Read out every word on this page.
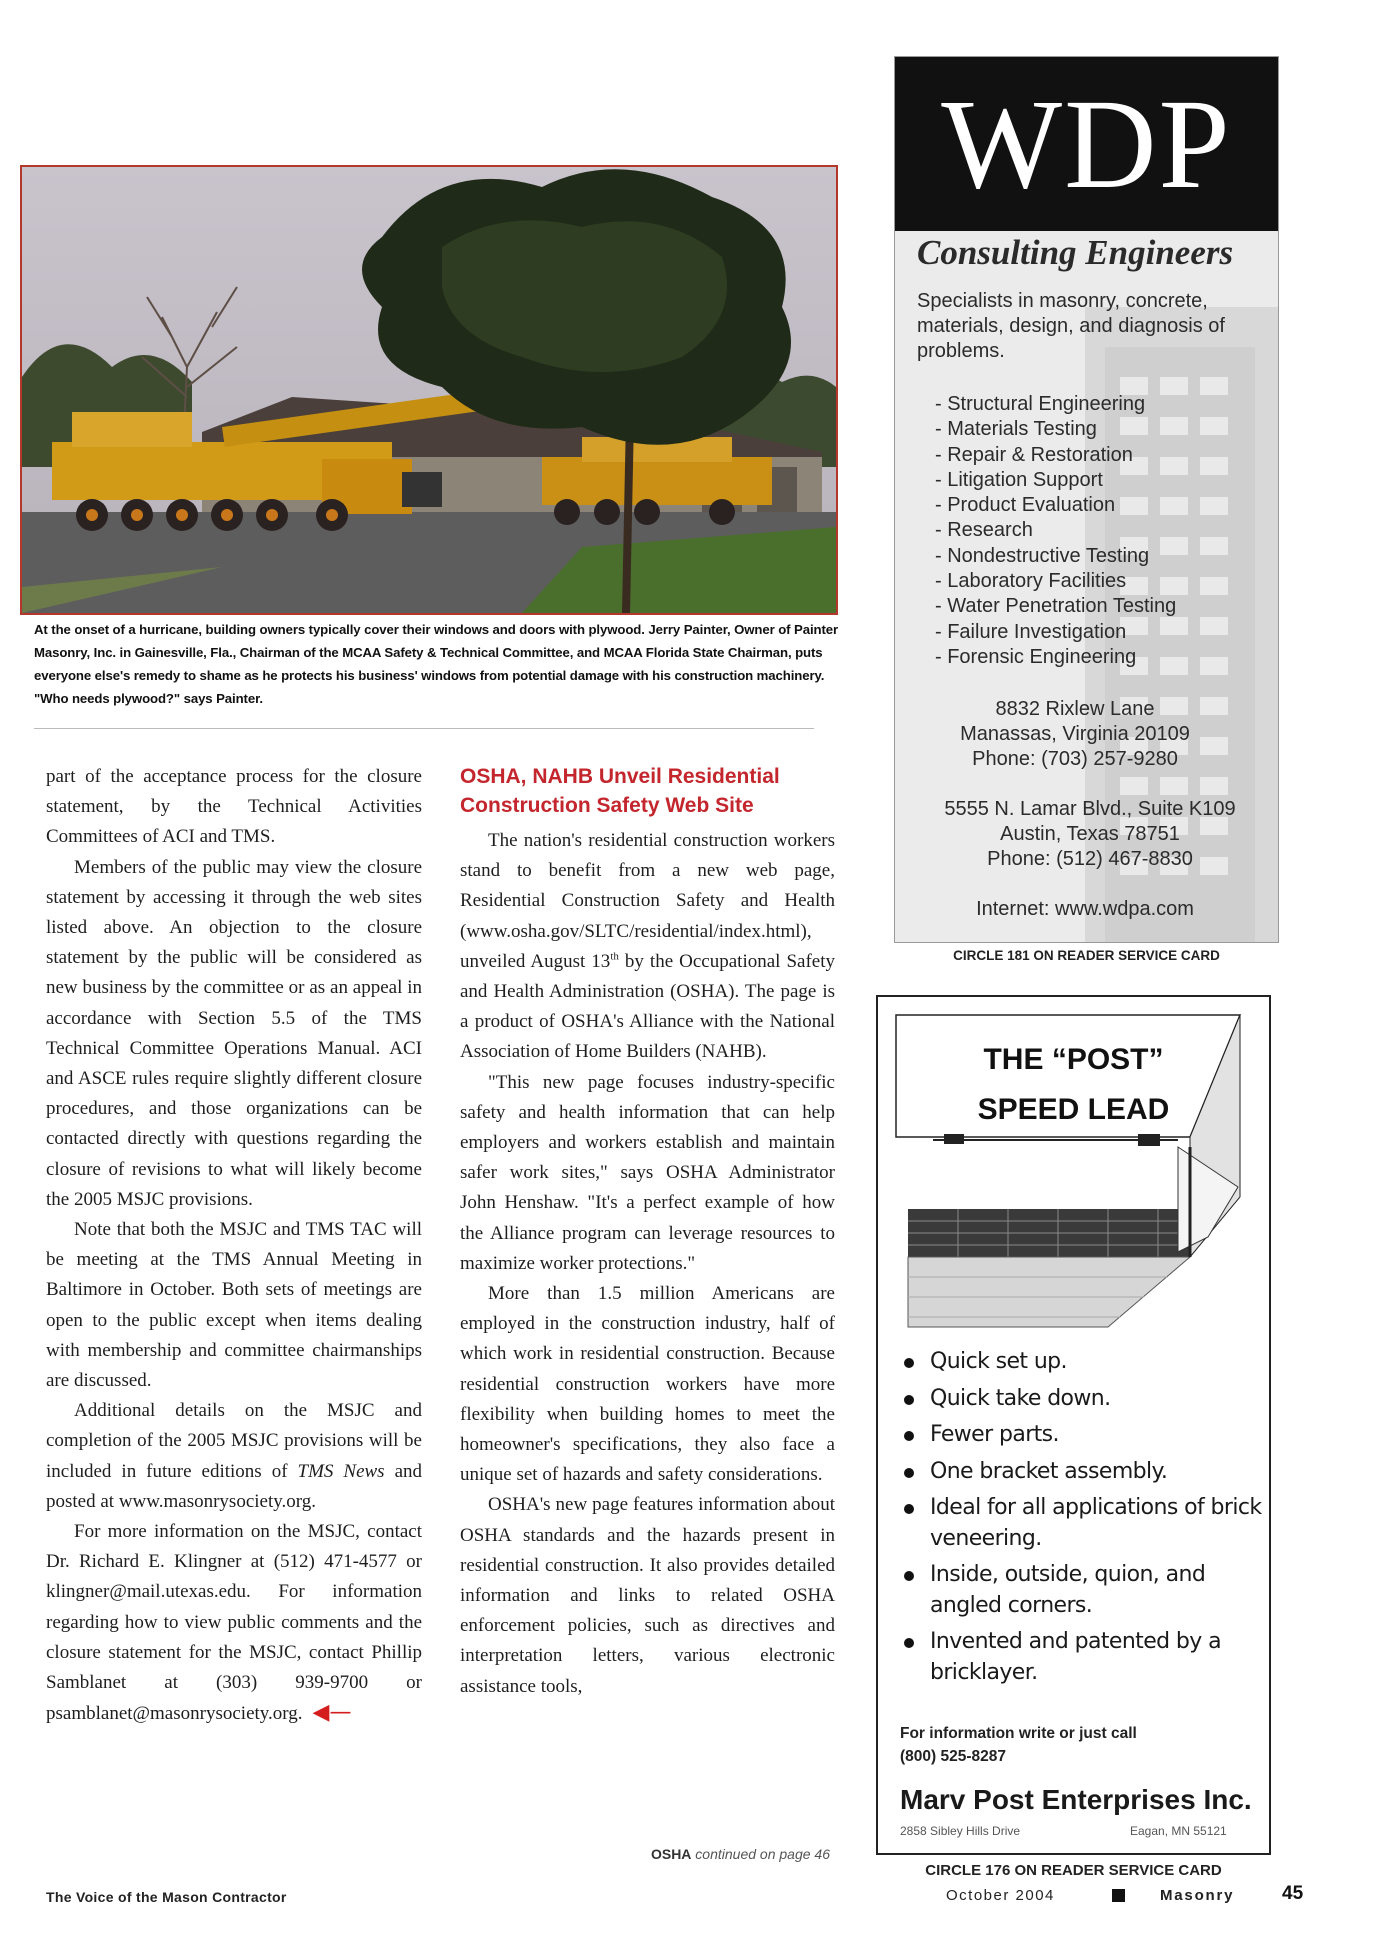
At the onset of a hurricane, building owners typically cover their windows and doors with plywood. Jerry Painter, Owner of Painter Masonry, Inc. in Gainesville, Fla., Chairman of the MCAA Safety & Technical Committee, and MCAA Florida State Chairman, puts everyone else's remedy to shame as he protects his business' windows from potential damage with his construction machinery. "Who needs plywood?" says Painter.

part of the acceptance process for the closure statement, by the Technical Activities Committees of ACI and TMS.

Members of the public may view the closure statement by accessing it through the web sites listed above. An objection to the closure statement by the public will be considered as new business by the committee or as an appeal in accordance with Section 5.5 of the TMS Technical Committee Operations Manual. ACI and ASCE rules require slightly different closure procedures, and those organizations can be contacted directly with questions regarding the closure of revisions to what will likely become the 2005 MSJC provisions.

Note that both the MSJC and TMS TAC will be meeting at the TMS Annual Meeting in Baltimore in October. Both sets of meetings are open to the public except when items dealing with membership and committee chairmanships are discussed.

Additional details on the MSJC and completion of the 2005 MSJC provisions will be included in future editions of TMS News and posted at www.masonrysociety.org.

For more information on the MSJC, contact Dr. Richard E. Klingner at (512) 471-4577 or klingner@mail.utexas.edu. For information regarding how to view public comments and the closure statement for the MSJC, contact Phillip Samblanet at (303) 939-9700 or psamblanet@masonrysociety.org. ◀—

OSHA, NAHB Unveil Residential Construction Safety Web Site

The nation's residential construction workers stand to benefit from a new web page, Residential Construction Safety and Health (www.osha.gov/SLTC/residential/index.html), unveiled August 13th by the Occupational Safety and Health Administration (OSHA). The page is a product of OSHA's Alliance with the National Association of Home Builders (NAHB).

"This new page focuses industry-specific safety and health information that can help employers and workers establish and maintain safer work sites," says OSHA Administrator John Henshaw. "It's a perfect example of how the Alliance program can leverage resources to maximize worker protections."

More than 1.5 million Americans are employed in the construction industry, half of which work in residential construction. Because residential construction workers have more flexibility when building homes to meet the homeowner's specifications, they also face a unique set of hazards and safety considerations.

OSHA's new page features information about OSHA standards and the hazards present in residential construction. It also provides detailed information and links to related OSHA enforcement policies, such as directives and interpretation letters, various electronic assistance tools,

OSHA continued on page 46
WDP
Consulting Engineers
Specialists in masonry, concrete, materials, design, and diagnosis of problems.
- Structural Engineering
- Materials Testing
- Repair & Restoration
- Litigation Support
- Product Evaluation
- Research
- Nondestructive Testing
- Laboratory Facilities
- Water Penetration Testing
- Failure Investigation
- Forensic Engineering
8832 Rixlew Lane
Manassas, Virginia 20109
Phone: (703) 257-9280
5555 N. Lamar Blvd., Suite K109
Austin, Texas 78751
Phone: (512) 467-8830
Internet: www.wdpa.com
CIRCLE 181 ON READER SERVICE CARD
THE “POST”
SPEED LEAD
Quick set up.
Quick take down.
Fewer parts.
One bracket assembly.
Ideal for all applications of brick veneering.
Inside, outside, quion, and angled corners.
Invented and patented by a bricklayer.
For information write or just call
(800) 525-8287
Marv Post Enterprises Inc.
2858 Sibley Hills Drive	Eagan, MN 55121
CIRCLE 176 ON READER SERVICE CARD
The Voice of the Mason Contractor	October 2004	Masonry	45
